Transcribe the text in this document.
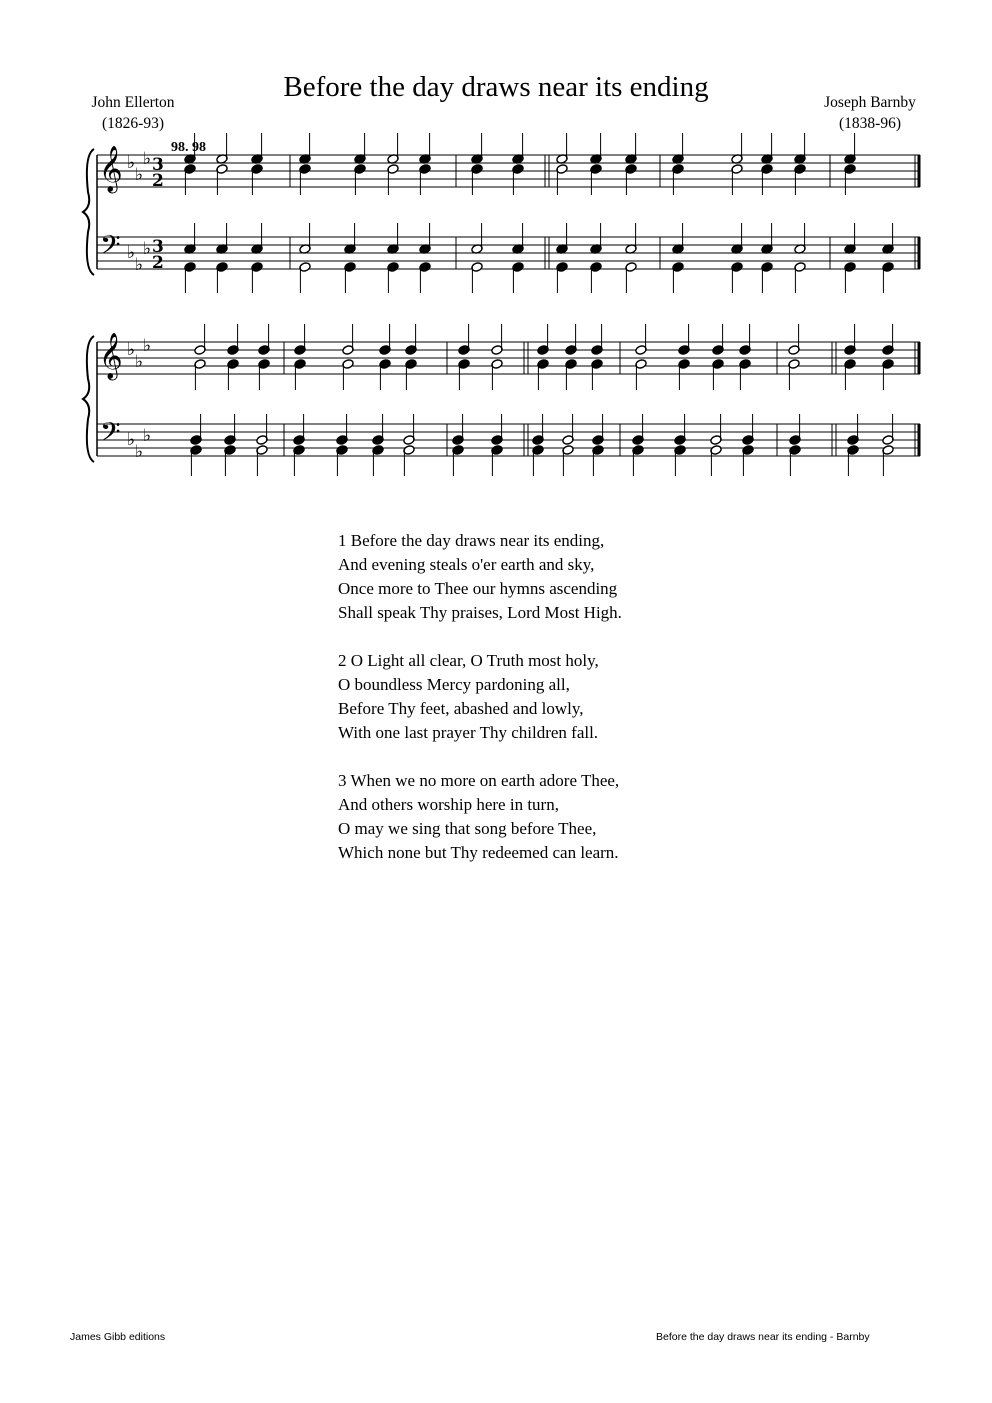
Before the day draws near its ending
John Ellerton
(1826-93)
Joseph Barnby
(1838-96)
98. 98
𝄞
𝄢
♭
♭
♭
♭
♭
♭
3
2
3
2
𝄞
𝄢
♭
♭
♭
♭
♭
♭
1 Before the day draws near its ending,
And evening steals o'er earth and sky,
Once more to Thee our hymns ascending
Shall speak Thy praises, Lord Most High.
2 O Light all clear, O Truth most holy,
O boundless Mercy pardoning all,
Before Thy feet, abashed and lowly,
With one last prayer Thy children fall.
3 When we no more on earth adore Thee,
And others worship here in turn,
O may we sing that song before Thee,
Which none but Thy redeemed can learn.
James Gibb editions	Before the day draws near its ending - Barnby
